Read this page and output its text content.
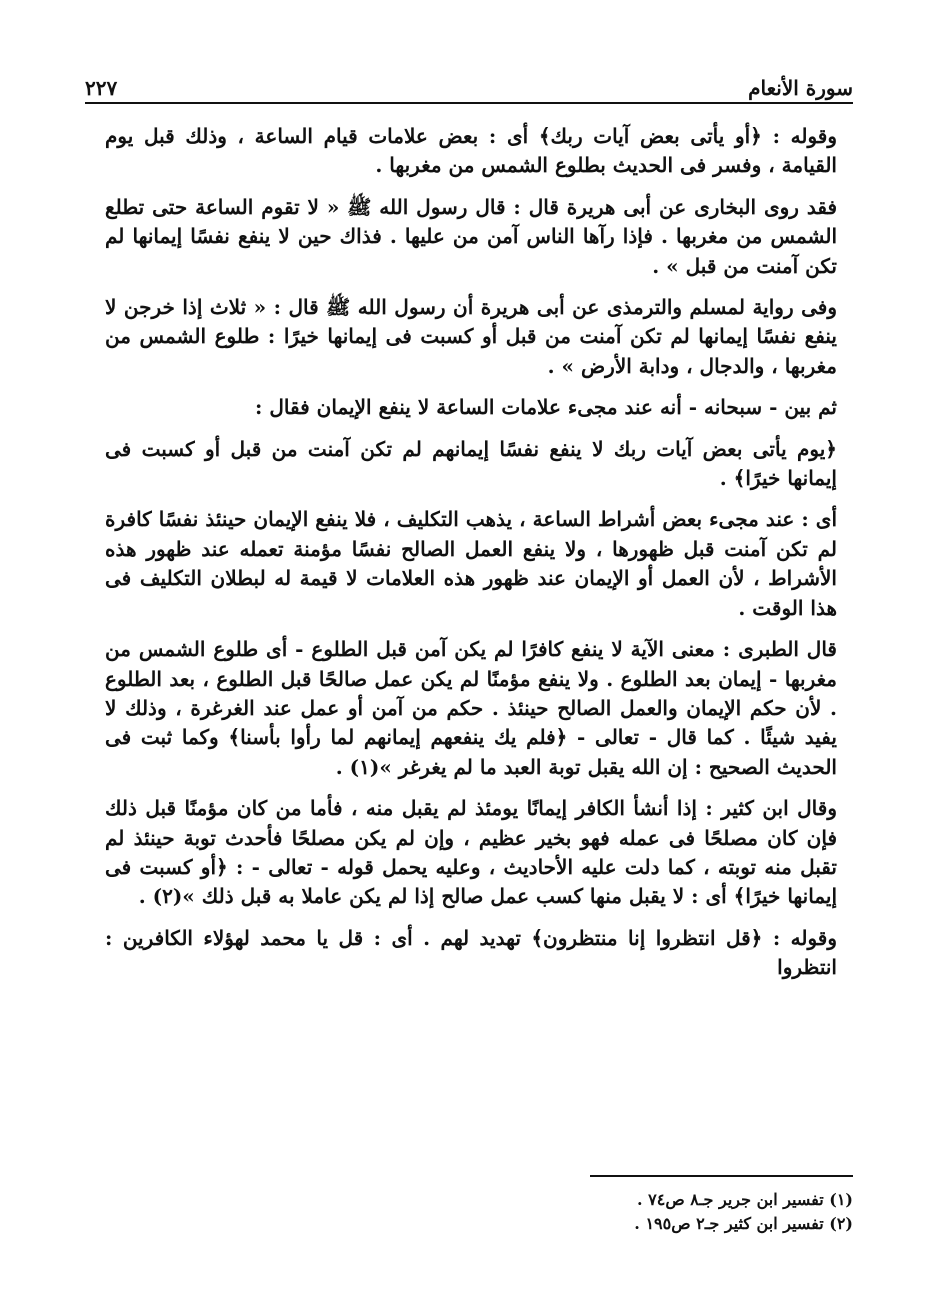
سورة الأنعام
٢٢٧

وقوله : ﴿أو يأتى بعض آيات ربك﴾ أى : بعض علامات قيام الساعة ، وذلك قبل يوم القيامة ، وفسر فى الحديث بطلوع الشمس من مغربها .

فقد روى البخارى عن أبى هريرة قال : قال رسول الله ﷺ « لا تقوم الساعة حتى تطلع الشمس من مغربها . فإذا رآها الناس آمن من عليها . فذاك حين لا ينفع نفسًا إيمانها لم تكن آمنت من قبل » .

وفى رواية لمسلم والترمذى عن أبى هريرة أن رسول الله ﷺ قال : « ثلاث إذا خرجن لا ينفع نفسًا إيمانها لم تكن آمنت من قبل أو كسبت فى إيمانها خيرًا : طلوع الشمس من مغربها ، والدجال ، ودابة الأرض » .

ثم بين - سبحانه - أنه عند مجىء علامات الساعة لا ينفع الإيمان فقال :

﴿يوم يأتى بعض آيات ربك لا ينفع نفسًا إيمانهم لم تكن آمنت من قبل أو كسبت فى إيمانها خيرًا﴾ .

أى : عند مجىء بعض أشراط الساعة ، يذهب التكليف ، فلا ينفع الإيمان حينئذ نفسًا كافرة لم تكن آمنت قبل ظهورها ، ولا ينفع العمل الصالح نفسًا مؤمنة تعمله عند ظهور هذه الأشراط ، لأن العمل أو الإيمان عند ظهور هذه العلامات لا قيمة له لبطلان التكليف فى هذا الوقت .

قال الطبرى : معنى الآية لا ينفع كافرًا لم يكن آمن قبل الطلوع - أى طلوع الشمس من مغربها - إيمان بعد الطلوع . ولا ينفع مؤمنًا لم يكن عمل صالحًا قبل الطلوع ، بعد الطلوع . لأن حكم الإيمان والعمل الصالح حينئذ . حكم من آمن أو عمل عند الغرغرة ، وذلك لا يفيد شيئًا . كما قال - تعالى - ﴿فلم يك ينفعهم إيمانهم لما رأوا بأسنا﴾ وكما ثبت فى الحديث الصحيح : إن الله يقبل توبة العبد ما لم يغرغر »(١) .

وقال ابن كثير : إذا أنشأ الكافر إيمانًا يومئذ لم يقبل منه ، فأما من كان مؤمنًا قبل ذلك فإن كان مصلحًا فى عمله فهو بخير عظيم ، وإن لم يكن مصلحًا فأحدث توبة حينئذ لم تقبل منه توبته ، كما دلت عليه الأحاديث ، وعليه يحمل قوله - تعالى - : ﴿أو كسبت فى إيمانها خيرًا﴾ أى : لا يقبل منها كسب عمل صالح إذا لم يكن عاملا به قبل ذلك »(٢) .

وقوله : ﴿قل انتظروا إنا منتظرون﴾ تهديد لهم . أى : قل يا محمد لهؤلاء الكافرين : انتظروا

(١) تفسير ابن جرير جـ٨ ص٧٤ .
(٢) تفسير ابن كثير جـ٢ ص١٩٥ .
